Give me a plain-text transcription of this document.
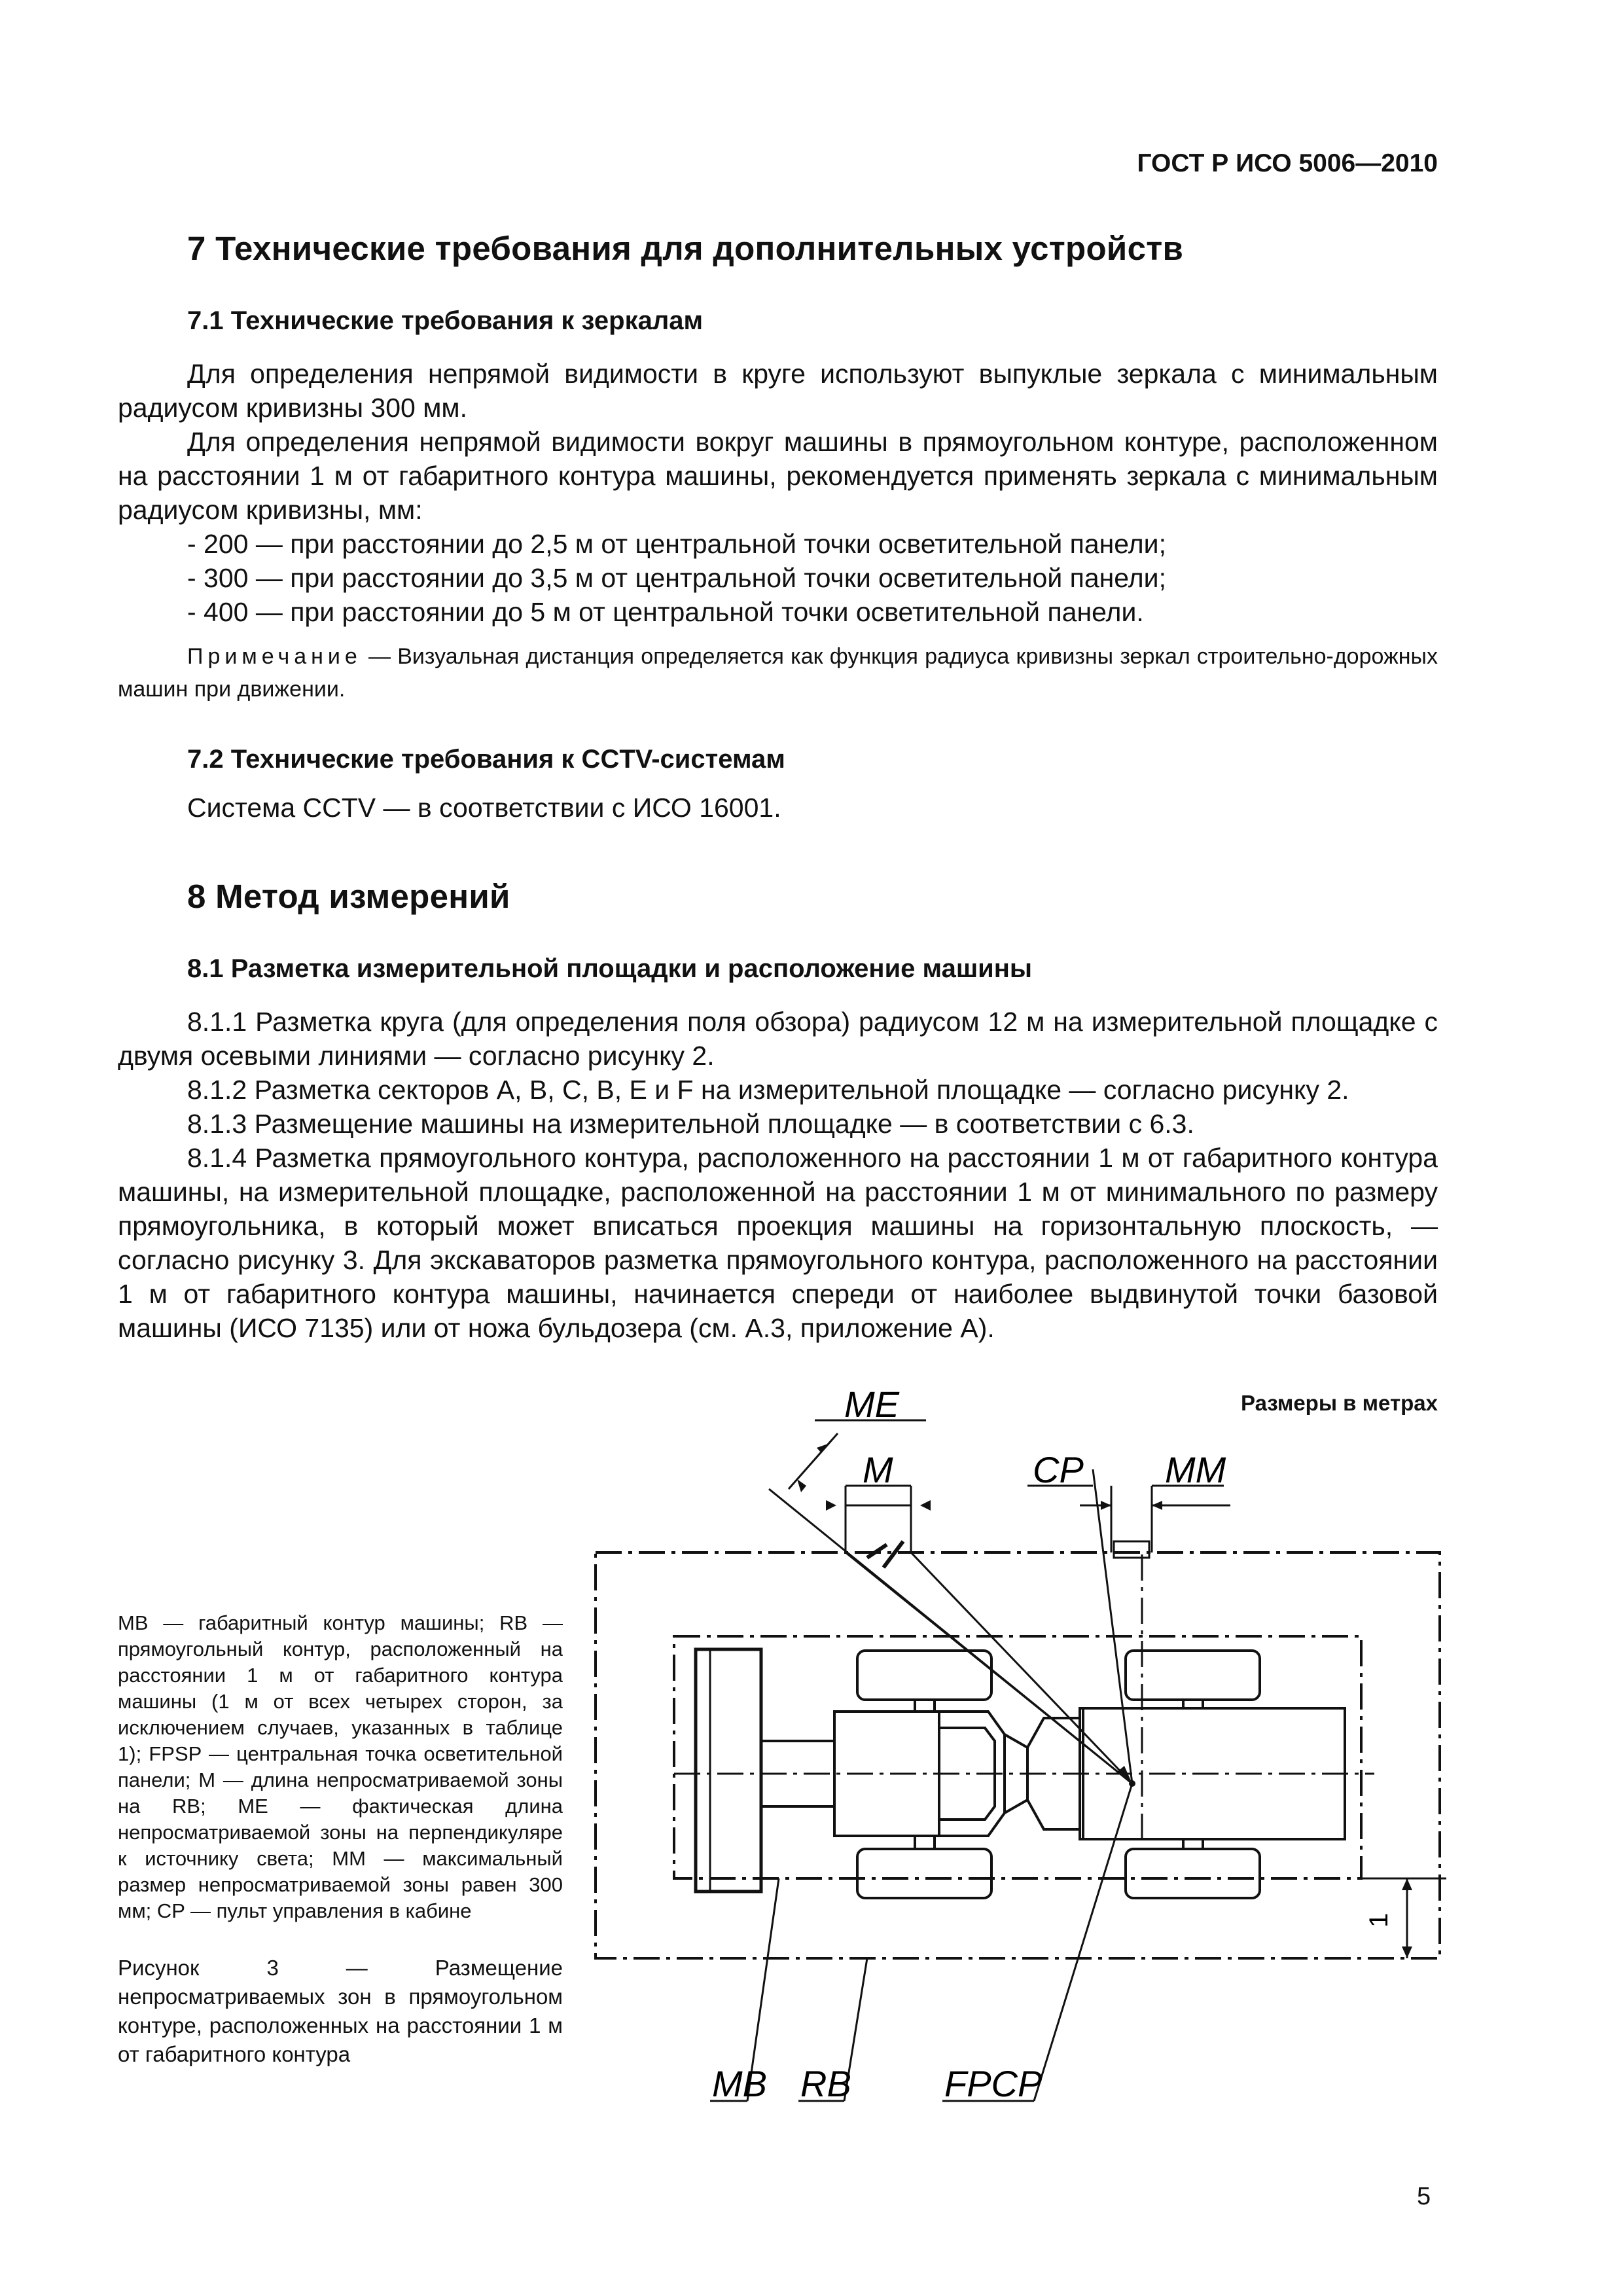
ГОСТ Р ИСО 5006—2010
7 Технические требования для дополнительных устройств
7.1 Технические требования к зеркалам

Для определения непрямой видимости в круге используют выпуклые зеркала с минимальным радиусом кривизны 300 мм.

Для определения непрямой видимости вокруг машины в прямоугольном контуре, расположенном на расстоянии 1 м от габаритного контура машины, рекомендуется применять зеркала с минимальным радиусом кривизны, мм:

- 200 — при расстоянии до 2,5 м от центральной точки осветительной панели;

- 300 — при расстоянии до 3,5 м от центральной точки осветительной панели;

- 400 — при расстоянии до 5 м от центральной точки осветительной панели.

Примечание — Визуальная дистанция определяется как функция радиуса кривизны зеркал строительно-дорожных машин при движении.
7.2 Технические требования к CCTV-системам

Система CCTV — в соответствии с ИСО 16001.

8 Метод измерений
8.1 Разметка измерительной площадки и расположение машины

8.1.1 Разметка круга (для определения поля обзора) радиусом 12 м на измерительной площадке с двумя осевыми линиями — согласно рисунку 2.

8.1.2 Разметка секторов A, B, C, B, E и F на измерительной площадке — согласно рисунку 2.

8.1.3 Размещение машины на измерительной площадке — в соответствии с 6.3.

8.1.4 Разметка прямоугольного контура, расположенного на расстоянии 1 м от габаритного контура машины, на измерительной площадке, расположенной на расстоянии 1 м от минимального по размеру прямоугольника, в который может вписаться проекция машины на горизонтальную плоскость, — согласно рисунку 3. Для экскаваторов разметка прямоугольного контура, расположенного на расстоянии 1 м от габаритного контура машины, начинается спереди от наиболее выдвинутой точки базовой машины (ИСО 7135) или от ножа бульдозера (см. А.3, приложение А).

Размеры в метрах
ME
M	CP MM
MB RB	FPCP
1
MB — габаритный контур машины; RB — прямоугольный контур, расположенный на расстоянии 1 м от габаритного контура машины (1 м от всех четырех сторон, за исключением случаев, указанных в таблице 1); FPSP — центральная точка осветительной панели; M — длина непросматриваемой зоны на RB; ME — фактическая длина непросматриваемой зоны на перпендикуляре к источнику света; MM — максимальный размер непросматриваемой зоны равен 300 мм; CP — пульт управления в кабине
Рисунок 3 — Размещение непросматриваемых зон в прямоугольном контуре, расположенных на расстоянии 1 м от габаритного контура
5
